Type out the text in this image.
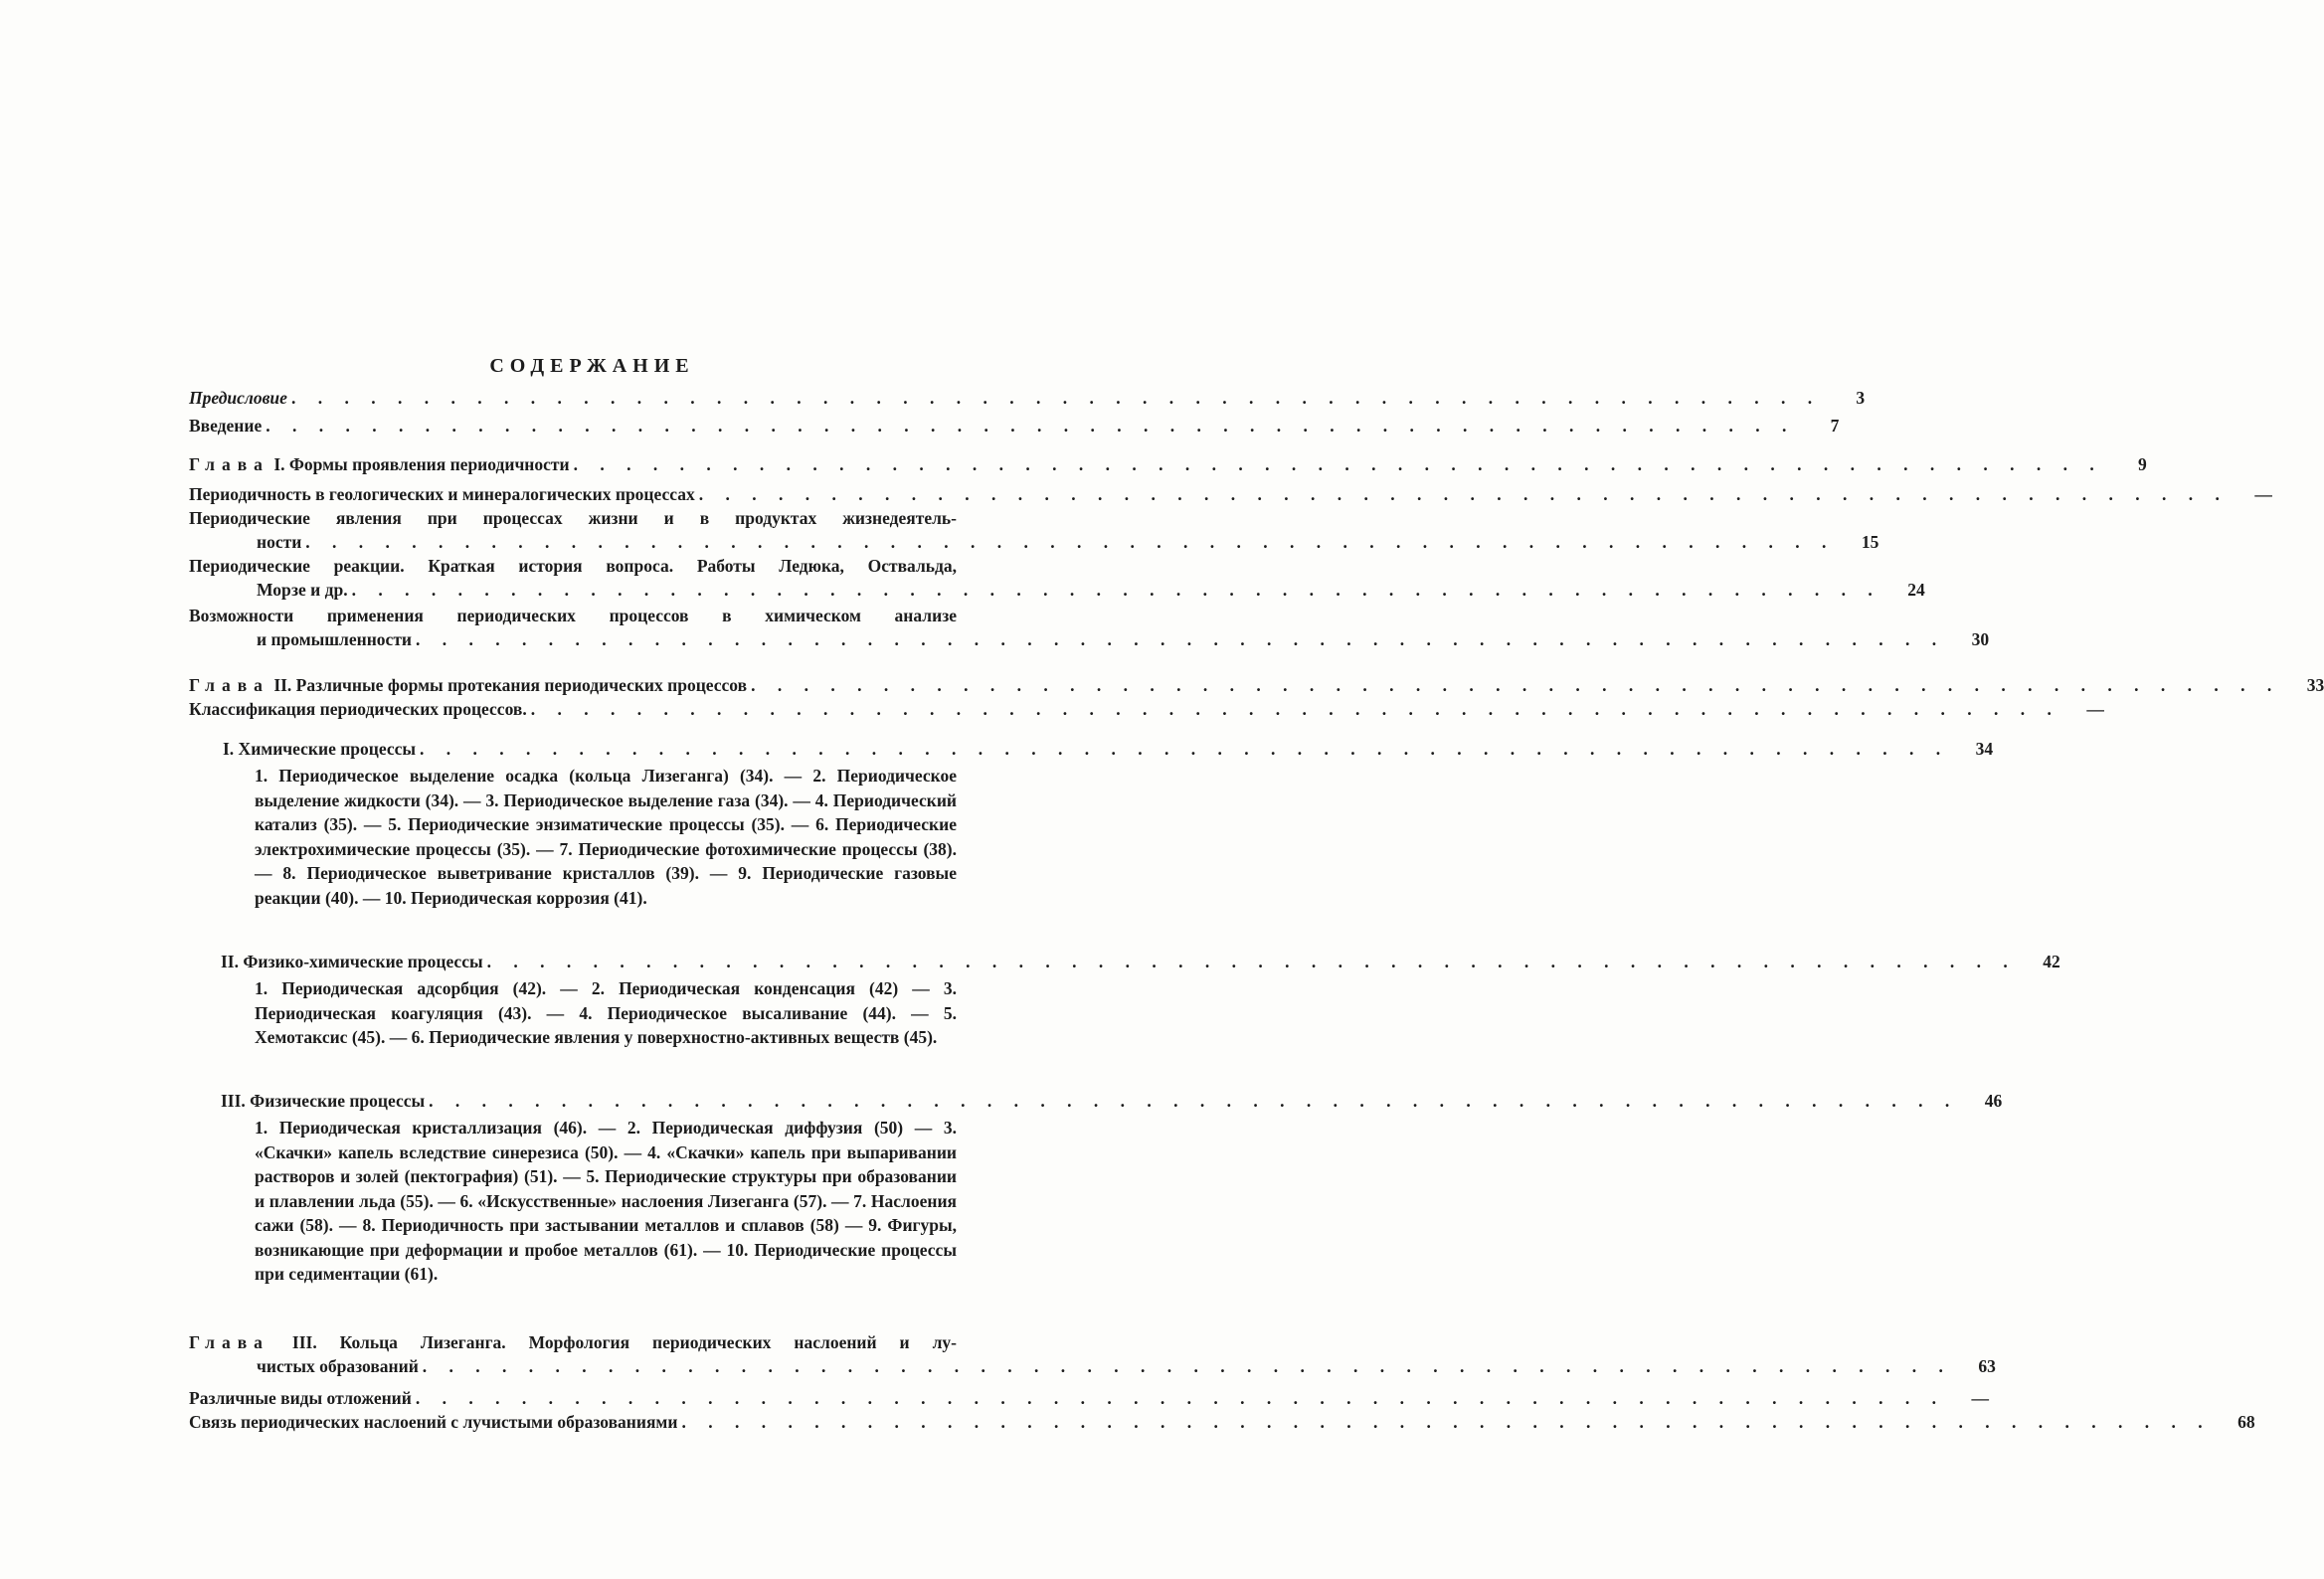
СОДЕРЖАНИЕ
Предисловие . . . . . . . . . . . . . . . . . . . . . . . . . . . . . . . . . . . . . . . . . . . . . . . . . . . . . . . . . .	3
Введение . . . . . . . . . . . . . . . . . . . . . . . . . . . . . . . . . . . . . . . . . . . . . . . . . . . . . . . . . .	7
Глава I. Формы проявления периодичности . . . . . . . . . . . . . . . . . . . . . . . . . . . . . . . . . . . . . . . . . . . . . . . . . . . . . . . . . .	9
Периодичность в геологических и минералогических процессах . . . . . . . . . . . . . . . . . . . . . . . . . . . . . . . . . . . . . . . . . . . . . . . . . . . . . . . . . .	—
Периодические явления при процессах жизни и в продуктах жизнедеятель-
ности . . . . . . . . . . . . . . . . . . . . . . . . . . . . . . . . . . . . . . . . . . . . . . . . . . . . . . . . . .	15
Периодические реакции. Краткая история вопроса. Работы Ледюка, Оствальда,
Морзе и др. . . . . . . . . . . . . . . . . . . . . . . . . . . . . . . . . . . . . . . . . . . . . . . . . . . . . . . . . . .	24
Возможности применения периодических процессов в химическом анализе
и промышленности . . . . . . . . . . . . . . . . . . . . . . . . . . . . . . . . . . . . . . . . . . . . . . . . . . . . . . . . . .	30
Глава II. Различные формы протекания периодических процессов . . . . . . . . . . . . . . . . . . . . . . . . . . . . . . . . . . . . . . . . . . . . . . . . . . . . . . . . . .	33
Классификация периодических процессов. . . . . . . . . . . . . . . . . . . . . . . . . . . . . . . . . . . . . . . . . . . . . . . . . . . . . . . . . . .	—
I. Химические процессы . . . . . . . . . . . . . . . . . . . . . . . . . . . . . . . . . . . . . . . . . . . . . . . . . . . . . . . . . .	34

1. Периодическое выделение осадка (кольца Лизеганга) (34). — 2. Периодическое выделение жидкости (34). — 3. Периодическое выделение газа (34). — 4. Периодический катализ (35). — 5. Периодические энзиматические процессы (35). — 6. Периодические электрохимические процессы (35). — 7. Периодические фотохимические процессы (38). — 8. Периодическое выветривание кристаллов (39). — 9. Периодические газовые реакции (40). — 10. Периодическая коррозия (41).

II. Физико-химические процессы . . . . . . . . . . . . . . . . . . . . . . . . . . . . . . . . . . . . . . . . . . . . . . . . . . . . . . . . . .	42

1. Периодическая адсорбция (42). — 2. Периодическая конденсация (42) — 3. Периодическая коагуляция (43). — 4. Периодическое высаливание (44). — 5. Хемотаксис (45). — 6. Периодические явления у поверхностно-активных веществ (45).

III. Физические процессы . . . . . . . . . . . . . . . . . . . . . . . . . . . . . . . . . . . . . . . . . . . . . . . . . . . . . . . . . .	46

1. Периодическая кристаллизация (46). — 2. Периодическая диффузия (50) — 3. «Скачки» капель вследствие синерезиса (50). — 4. «Скачки» капель при выпаривании растворов и золей (пектография) (51). — 5. Периодические структуры при образовании и плавлении льда (55). — 6. «Искусственные» наслоения Лизеганга (57). — 7. Наслоения сажи (58). — 8. Периодичность при застывании металлов и сплавов (58) — 9. Фигуры, возникающие при деформации и пробое металлов (61). — 10. Периодические процессы при седиментации (61).

Глава III. Кольца Лизеганга. Морфология периодических наслоений и лу-
чистых образований . . . . . . . . . . . . . . . . . . . . . . . . . . . . . . . . . . . . . . . . . . . . . . . . . . . . . . . . . .	63
Различные виды отложений . . . . . . . . . . . . . . . . . . . . . . . . . . . . . . . . . . . . . . . . . . . . . . . . . . . . . . . . . .	—
Связь периодических наслоений с лучистыми образованиями . . . . . . . . . . . . . . . . . . . . . . . . . . . . . . . . . . . . . . . . . . . . . . . . . . . . . . . . . .	68
